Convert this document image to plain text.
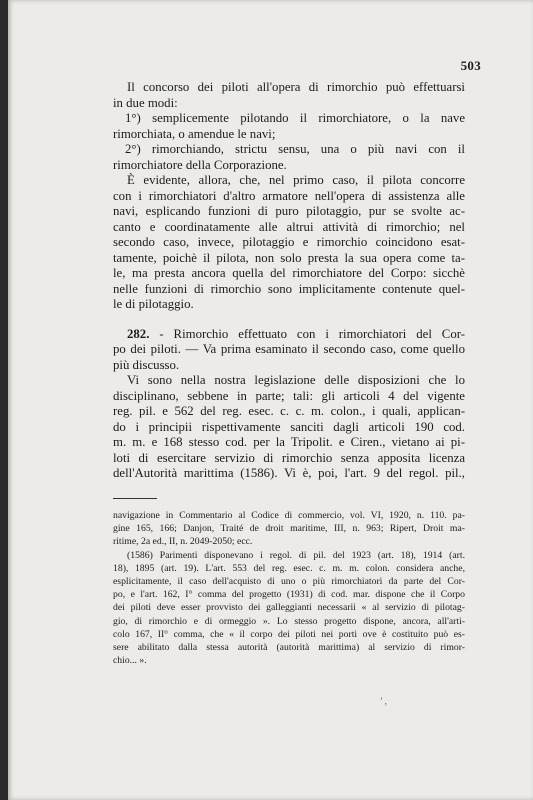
503
Il concorso dei piloti all'opera di rimorchio può effettuarsi
in due modi:
1°) semplicemente pilotando il rimorchiatore, o la nave
rimorchiata, o amendue le navi;
2°) rimorchiando, strictu sensu, una o più navi con il
rimorchiatore della Corporazione.
È evidente, allora, che, nel primo caso, il pilota concorre
con i rimorchiatori d'altro armatore nell'opera di assistenza alle
navi, esplicando funzioni di puro pilotaggio, pur se svolte ac-
canto e coordinatamente alle altrui attività di rimorchio; nel
secondo caso, invece, pilotaggio e rimorchio coincidono esat-
tamente, poichè il pilota, non solo presta la sua opera come ta-
le, ma presta ancora quella del rimorchiatore del Corpo: sicchè
nelle funzioni di rimorchio sono implicitamente contenute quel-
le di pilotaggio.
282. - Rimorchio effettuato con i rimorchiatori del Cor-
po dei piloti. — Va prima esaminato il secondo caso, come quello
più discusso.
Vi sono nella nostra legislazione delle disposizioni che lo
disciplinano, sebbene in parte; tali: gli articoli 4 del vigente
reg. pil. e 562 del reg. esec. c. c. m. colon., i quali, applican-
do i principii rispettivamente sanciti dagli articoli 190 cod.
m. m. e 168 stesso cod. per la Tripolit. e Ciren., vietano ai pi-
loti di esercitare servizio di rimorchio senza apposita licenza
dell'Autorità marittima (1586). Vi è, poi, l'art. 9 del regol. pil.,
navigazione in Commentario al Codice di commercio, vol. VI, 1920, n. 110. pa-
gine 165, 166; Danjon, Traité de droit maritime, III, n. 963; Ripert, Droit ma-
ritime, 2a ed., II, n. 2049-2050; ecc.
(1586) Parimenti disponevano i regol. di pil. del 1923 (art. 18), 1914 (art.
18), 1895 (art. 19). L'art. 553 del reg. esec. c. m. m. colon. considera anche,
esplicitamente, il caso dell'acquisto di uno o più rimorchiatori da parte del Cor-
po, e l'art. 162, I° comma del progetto (1931) di cod. mar. dispone che il Corpo
dei piloti deve esser provvisto dei galleggianti necessarii « al servizio di pilotag-
gio, di rimorchio e di ormeggio ». Lo stesso progetto dispone, ancora, all'arti-
colo 167, II° comma, che « il corpo dei piloti nei porti ove è costituito può es-
sere abilitato dalla stessa autorità (autorità marittima) al servizio di rimor-
chio... ».
’ ,
